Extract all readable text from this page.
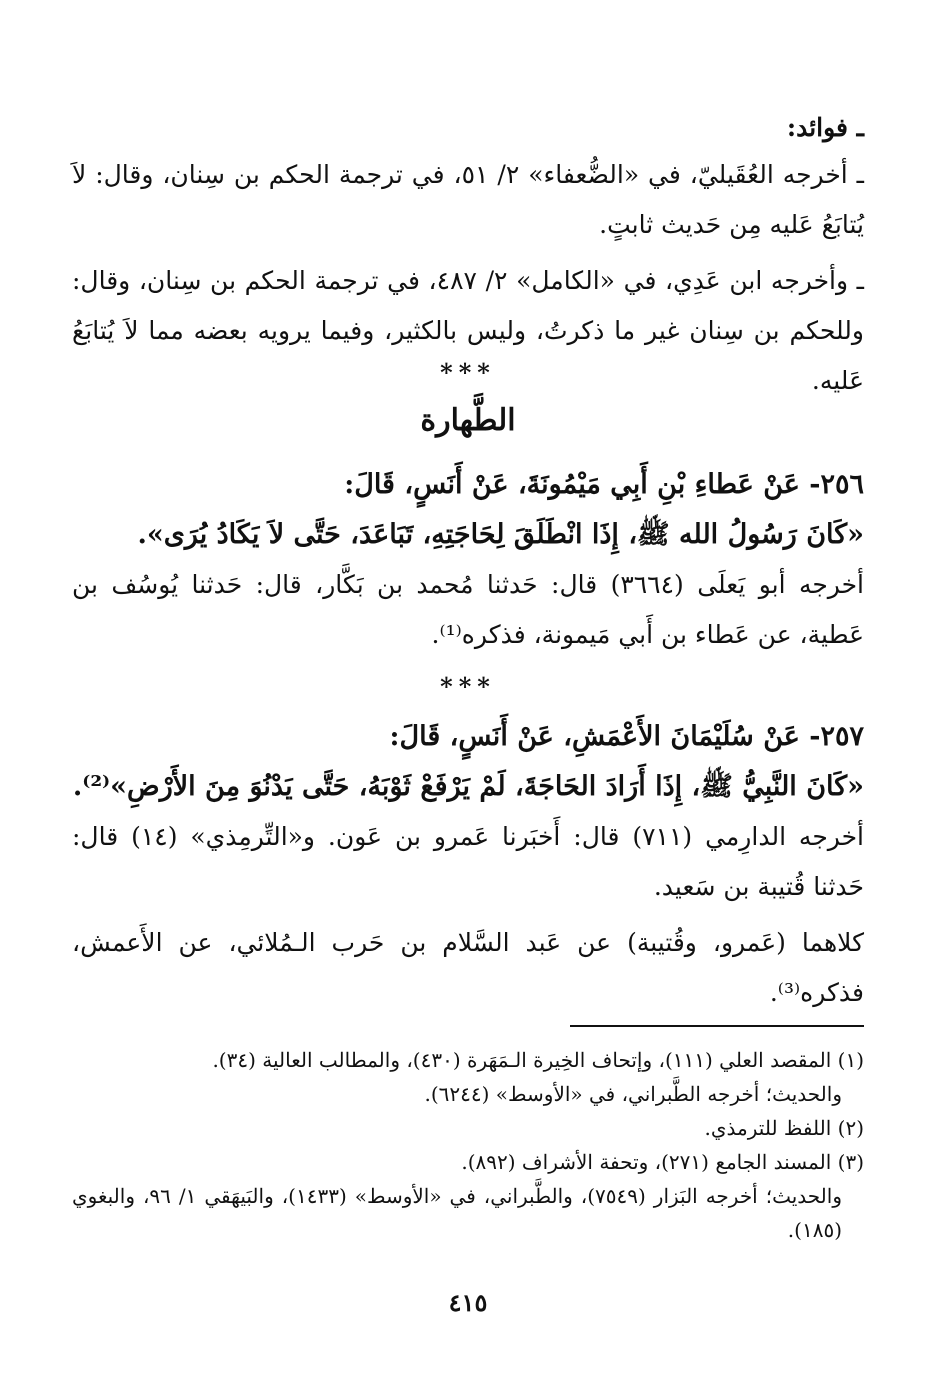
ـ فوائد:

ـ أخرجه العُقَيليّ، في «الضُّعفاء» ٢/ ٥١، في ترجمة الحكم بن سِنان، وقال: لاَ يُتابَعُ عَليه مِن حَديث ثابتٍ.

ـ وأخرجه ابن عَدِي، في «الكامل» ٢/ ٤٨٧، في ترجمة الحكم بن سِنان، وقال: وللحكم بن سِنان غير ما ذكرتُ، وليس بالكثير، وفيما يرويه بعضه مما لاَ يُتابَعُ عَليه.

***
الطَّهارة

٢٥٦- عَنْ عَطاءِ بْنِ أَبِي مَيْمُونَةَ، عَنْ أَنَسٍ، قَالَ:

«كَانَ رَسُولُ الله ﷺ، إِذَا انْطَلَقَ لِحَاجَتِهِ، تَبَاعَدَ، حَتَّى لاَ يَكَادُ يُرَى».

أخرجه أبو يَعلَى (٣٦٦٤) قال: حَدثنا مُحمد بن بَكَّار، قال: حَدثنا يُوسُف بن عَطية، عن عَطاء بن أَبي مَيمونة، فذكره⁽¹⁾.

***

٢٥٧- عَنْ سُلَيْمَانَ الأَعْمَشِ، عَنْ أَنَسٍ، قَالَ:

«كَانَ النَّبِيُّ ﷺ، إِذَا أَرَادَ الحَاجَةَ، لَمْ يَرْفَعْ ثَوْبَهُ، حَتَّى يَدْنُوَ مِنَ الأَرْضِ»⁽²⁾.

أخرجه الدارِمي (٧١١) قال: أَخبَرنا عَمرو بن عَون. و«التِّرمِذي» (١٤) قال: حَدثنا قُتيبة بن سَعيد.

كلاهما (عَمرو، وقُتيبة) عن عَبد السَّلام بن حَرب الـمُلائي، عن الأَعمش، فذكره⁽³⁾.

(١) المقصد العلي (١١١)، وإتحاف الخِيرة الـمَهَرة (٤٣٠)، والمطالب العالية (٣٤).

والحديث؛ أخرجه الطَّبراني، في «الأوسط» (٦٢٤٤).

(٢) اللفظ للترمذي.

(٣) المسند الجامع (٢٧١)، وتحفة الأشراف (٨٩٢).

والحديث؛ أخرجه البَزار (٧٥٤٩)، والطَّبراني، في «الأوسط» (١٤٣٣)، والبَيهَقي ١/ ٩٦، والبغوي (١٨٥).

٤١٥
